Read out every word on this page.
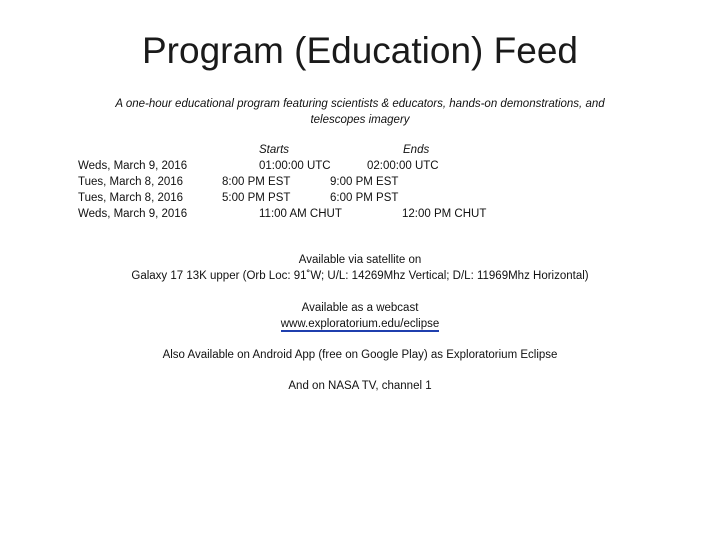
Program (Education) Feed
A one-hour educational program featuring scientists & educators, hands-on demonstrations, and telescopes imagery
Starts	Ends
Weds, March 9, 2016
Tues, March 8, 2016
Tues, March 8, 2016
Weds, March 9, 2016
01:00:00 UTC
8:00 PM EST
5:00 PM PST
11:00 AM CHUT
02:00:00 UTC
9:00 PM EST
6:00 PM PST
12:00 PM CHUT
Available via satellite on
Galaxy 17 13K upper (Orb Loc: 91˚W; U/L: 14269Mhz Vertical; D/L: 11969Mhz Horizontal)
Available as a webcast
www.exploratorium.edu/eclipse
Also Available on Android App (free on Google Play) as Exploratorium Eclipse
And on NASA TV, channel 1
